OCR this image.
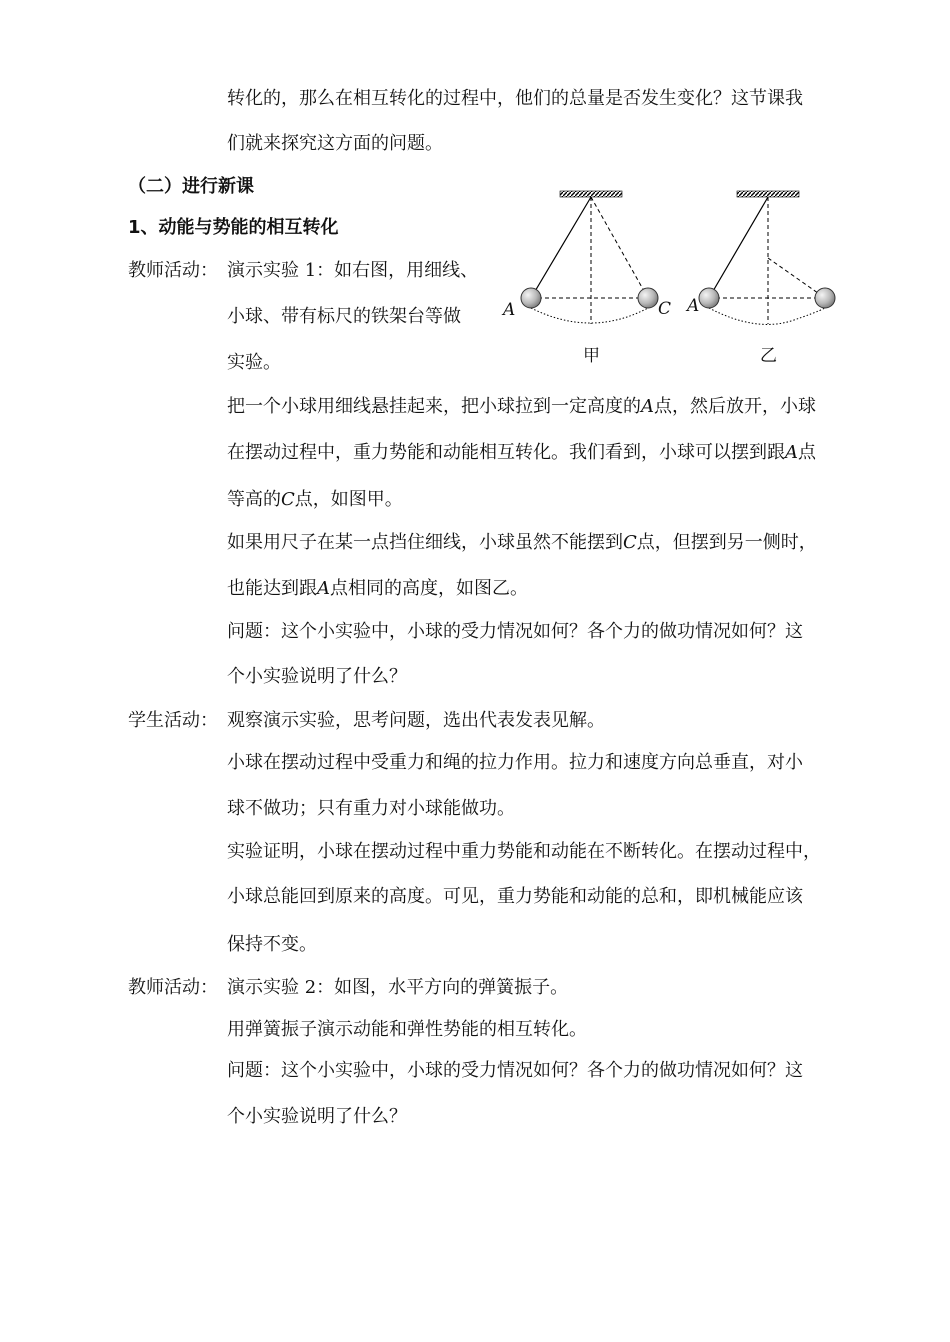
转化的，那么在相互转化的过程中，他们的总量是否发生变化？这节课我
们就来探究这方面的问题。
（二）进行新课
1、动能与势能的相互转化
教师活动： 演示实验 1：如右图，用细线、
小球、带有标尺的铁架台等做
实验。
A	C A
甲	乙
把一个小球用细线悬挂起来，把小球拉到一定高度的A点，然后放开，小球
在摆动过程中，重力势能和动能相互转化。我们看到，小球可以摆到跟A点
等高的C点，如图甲。
如果用尺子在某一点挡住细线，小球虽然不能摆到C点，但摆到另一侧时，
也能达到跟A点相同的高度，如图乙。
问题：这个小实验中，小球的受力情况如何？各个力的做功情况如何？这
个小实验说明了什么？
学生活动： 观察演示实验，思考问题，选出代表发表见解。
小球在摆动过程中受重力和绳的拉力作用。拉力和速度方向总垂直，对小
球不做功；只有重力对小球能做功。
实验证明，小球在摆动过程中重力势能和动能在不断转化。在摆动过程中，
小球总能回到原来的高度。可见，重力势能和动能的总和，即机械能应该
保持不变。
教师活动： 演示实验 2：如图，水平方向的弹簧振子。
用弹簧振子演示动能和弹性势能的相互转化。
问题：这个小实验中，小球的受力情况如何？各个力的做功情况如何？这
个小实验说明了什么？
